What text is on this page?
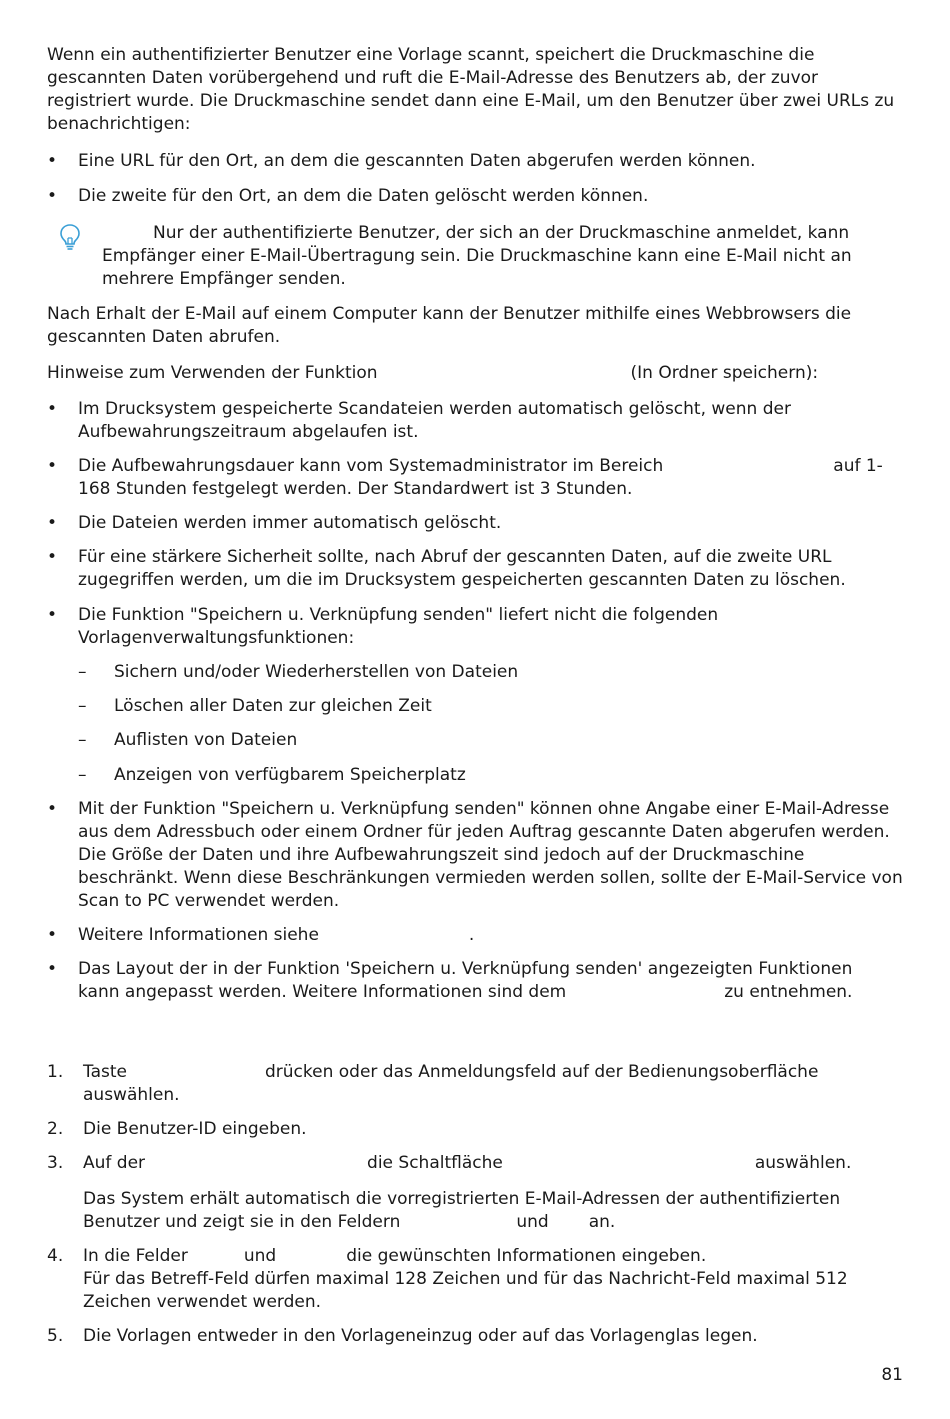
Wenn ein authentifizierter Benutzer eine Vorlage scannt, speichert die Druckmaschine die gescannten Daten vorübergehend und ruft die E-Mail-Adresse des Benutzers ab, der zuvor registriert wurde. Die Druckmaschine sendet dann eine E-Mail, um den Benutzer über zwei URLs zu benachrichtigen:

•	Eine URL für den Ort, an dem die gescannten Daten abgerufen werden können.
•	Die zweite für den Ort, an dem die Daten gelöscht werden können.
Nur der authentifizierte Benutzer, der sich an der Druckmaschine anmeldet, kann Empfänger einer E-Mail-Übertragung sein. Die Druckmaschine kann eine E-Mail nicht an mehrere Empfänger senden.

Nach Erhalt der E-Mail auf einem Computer kann der Benutzer mithilfe eines Webbrowsers die gescannten Daten abrufen.

Hinweise zum Verwenden der Funktion	(In Ordner speichern):
•	Im Drucksystem gespeicherte Scandateien werden automatisch gelöscht, wenn der Aufbewahrungszeitraum abgelaufen ist.
•	Die Aufbewahrungsdauer kann vom Systemadministrator im Bereich	auf 1-
168 Stunden festgelegt werden. Der Standardwert ist 3 Stunden.
•	Die Dateien werden immer automatisch gelöscht.
•	Für eine stärkere Sicherheit sollte, nach Abruf der gescannten Daten, auf die zweite URL zugegriffen werden, um die im Drucksystem gespeicherten gescannten Daten zu löschen.
•	Die Funktion "Speichern u. Verknüpfung senden" liefert nicht die folgenden Vorlagenverwaltungsfunktionen:
– Sichern und/oder Wiederherstellen von Dateien
– Löschen aller Daten zur gleichen Zeit
– Auflisten von Dateien
– Anzeigen von verfügbarem Speicherplatz
•	Mit der Funktion "Speichern u. Verknüpfung senden" können ohne Angabe einer E-Mail-Adresse aus dem Adressbuch oder einem Ordner für jeden Auftrag gescannte Daten abgerufen werden. Die Größe der Daten und ihre Aufbewahrungszeit sind jedoch auf der Druckmaschine beschränkt. Wenn diese Beschränkungen vermieden werden sollen, sollte der E-Mail-Service von Scan to PC verwendet werden.
•	Weitere Informationen siehe	.
•	Das Layout der in der Funktion 'Speichern u. Verknüpfung senden' angezeigten Funktionen
kann angepasst werden. Weitere Informationen sind dem	zu entnehmen.
1. Taste	drücken oder das Anmeldungsfeld auf der Bedienungsoberfläche
auswählen.
2. Die Benutzer-ID eingeben.
3. Auf der	die Schaltfläche	auswählen.
Das System erhält automatisch die vorregistrierten E-Mail-Adressen der authentifizierten
Benutzer und zeigt sie in den Feldern	und an.
4. In die Felder	und	die gewünschten Informationen eingeben.
Für das Betreff-Feld dürfen maximal 128 Zeichen und für das Nachricht-Feld maximal 512 Zeichen verwendet werden.
5. Die Vorlagen entweder in den Vorlageneinzug oder auf das Vorlagenglas legen.
81
